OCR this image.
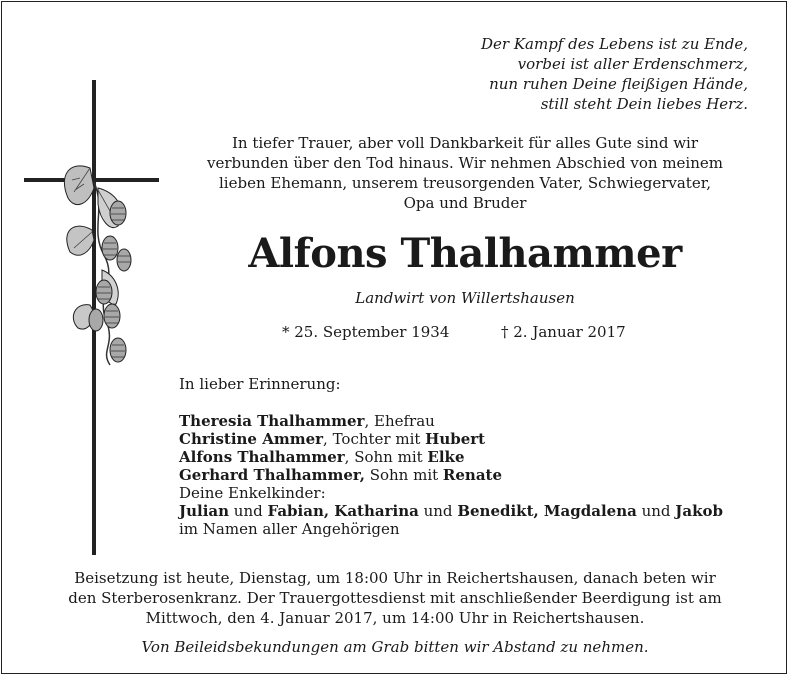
Der Kampf des Lebens ist zu Ende,
vorbei ist aller Erdenschmerz,
nun ruhen Deine fleißigen Hände,
still steht Dein liebes Herz.
In tiefer Trauer, aber voll Dankbarkeit für alles Gute sind wir
verbunden über den Tod hinaus. Wir nehmen Abschied von meinem
lieben Ehemann, unserem treusorgenden Vater, Schwiegervater,
Opa und Bruder
Alfons Thalhammer
Landwirt von Willertshausen
* 25. September 1934	† 2. Januar 2017
In lieber Erinnerung:
Theresia Thalhammer, Ehefrau
Christine Ammer, Tochter mit Hubert
Alfons Thalhammer, Sohn mit Elke
Gerhard Thalhammer, Sohn mit Renate
Deine Enkelkinder:
Julian und Fabian, Katharina und Benedikt, Magdalena und Jakob
im Namen aller Angehörigen
Beisetzung ist heute, Dienstag, um 18:00 Uhr in Reichertshausen, danach beten wir
den Sterberosenkranz. Der Trauergottesdienst mit anschließender Beerdigung ist am
Mittwoch, den 4. Januar 2017, um 14:00 Uhr in Reichertshausen.
Von Beileidsbekundungen am Grab bitten wir Abstand zu nehmen.
